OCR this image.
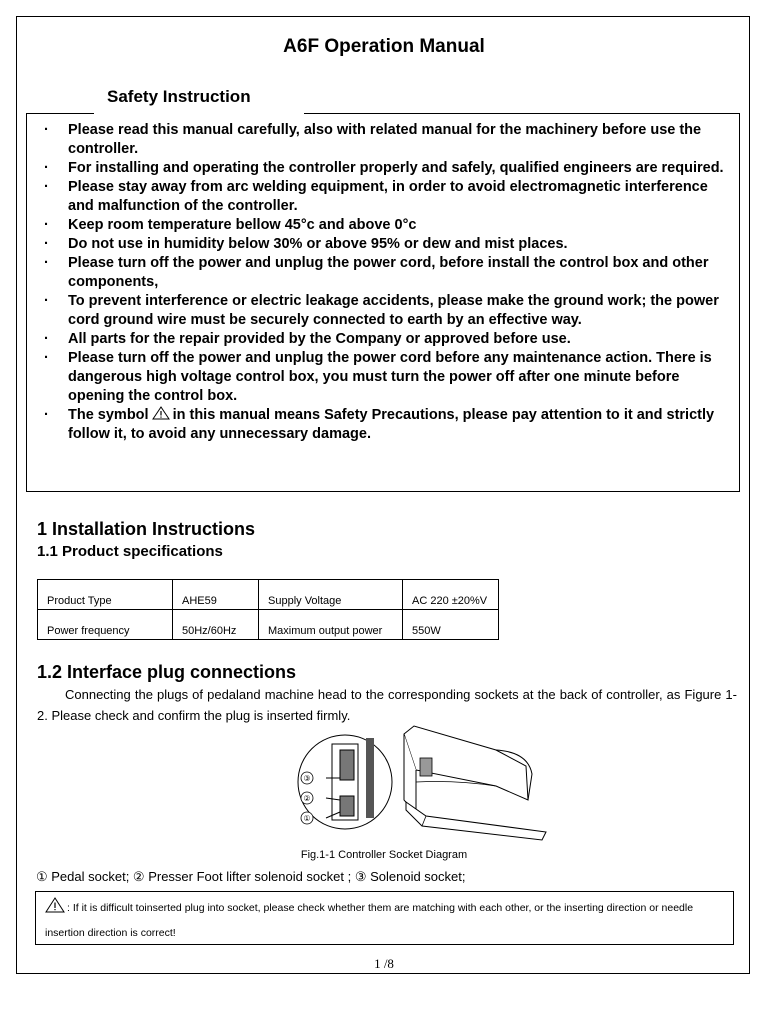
A6F Operation Manual
Safety Instruction
· Please read this manual carefully, also with related manual for the machinery before use the controller.
· For installing and operating the controller properly and safely, qualified engineers are required.
· Please stay away from arc welding equipment, in order to avoid electromagnetic interference and malfunction of the controller.
· Keep room temperature bellow 45°c and above 0°c
· Do not use in humidity below 30% or above 95% or dew and mist places.
· Please turn off the power and unplug the power cord, before install the control box and other components,
· To prevent interference or electric leakage accidents, please make the ground work; the power cord ground wire must be securely connected to earth by an effective way.
· All parts for the repair provided by the Company or approved before use.
· Please turn off the power and unplug the power cord before any maintenance action. There is dangerous high voltage control box, you must turn the power off after one minute before opening the control box.
· The symbol in this manual means Safety Precautions, please pay attention to it and strictly follow it, to avoid any unnecessary damage.
1 Installation Instructions
1.1 Product specifications
Product Type	AHE59	Supply Voltage	AC 220 ±20%V
Power frequency	50Hz/60Hz	Maximum output power	550W
1.2 Interface plug connections
Connecting the plugs of pedaland machine head to the corresponding sockets at the back of controller, as Figure 1-2. Please check and confirm the plug is inserted firmly.
③
②
①
Fig.1-1 Controller Socket Diagram
① Pedal socket; ② Presser Foot lifter solenoid socket ; ③ Solenoid socket;
: If it is difficult toinserted plug into socket, please check whether them are matching with each other, or the inserting direction or needle insertion direction is correct!
1 /8
